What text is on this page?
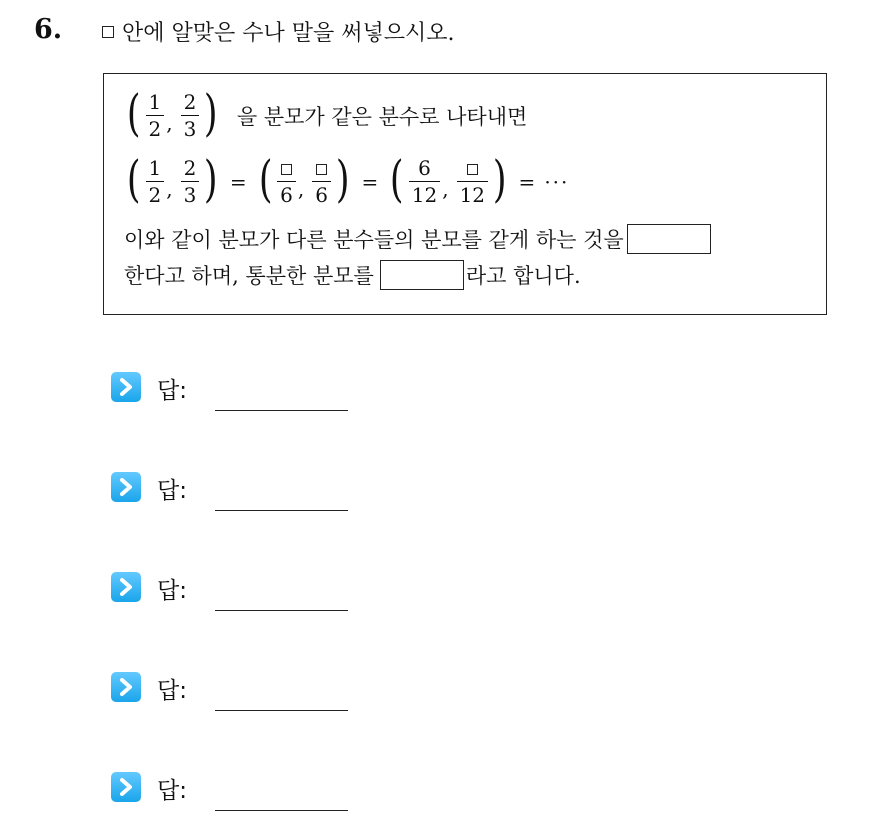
6.	안에 알맞은 수나 말을 써넣으시오.
( $\frac{1}{2}$ , $\frac{2}{3}$ ) 을 분모가 같은 분수로 나타내면
( $\frac{1}{2}$ , $\frac{2}{3}$ ) = ( 6 , 6 ) = ( $\frac{6}{12}$ , 12 ) = ···
이와 같이 분모가 다른 분수들의 분모를 같게 하는 것을
한다고 하며, 통분한 분모를	라고 합니다.
답:
답:
답:
답:
답:
